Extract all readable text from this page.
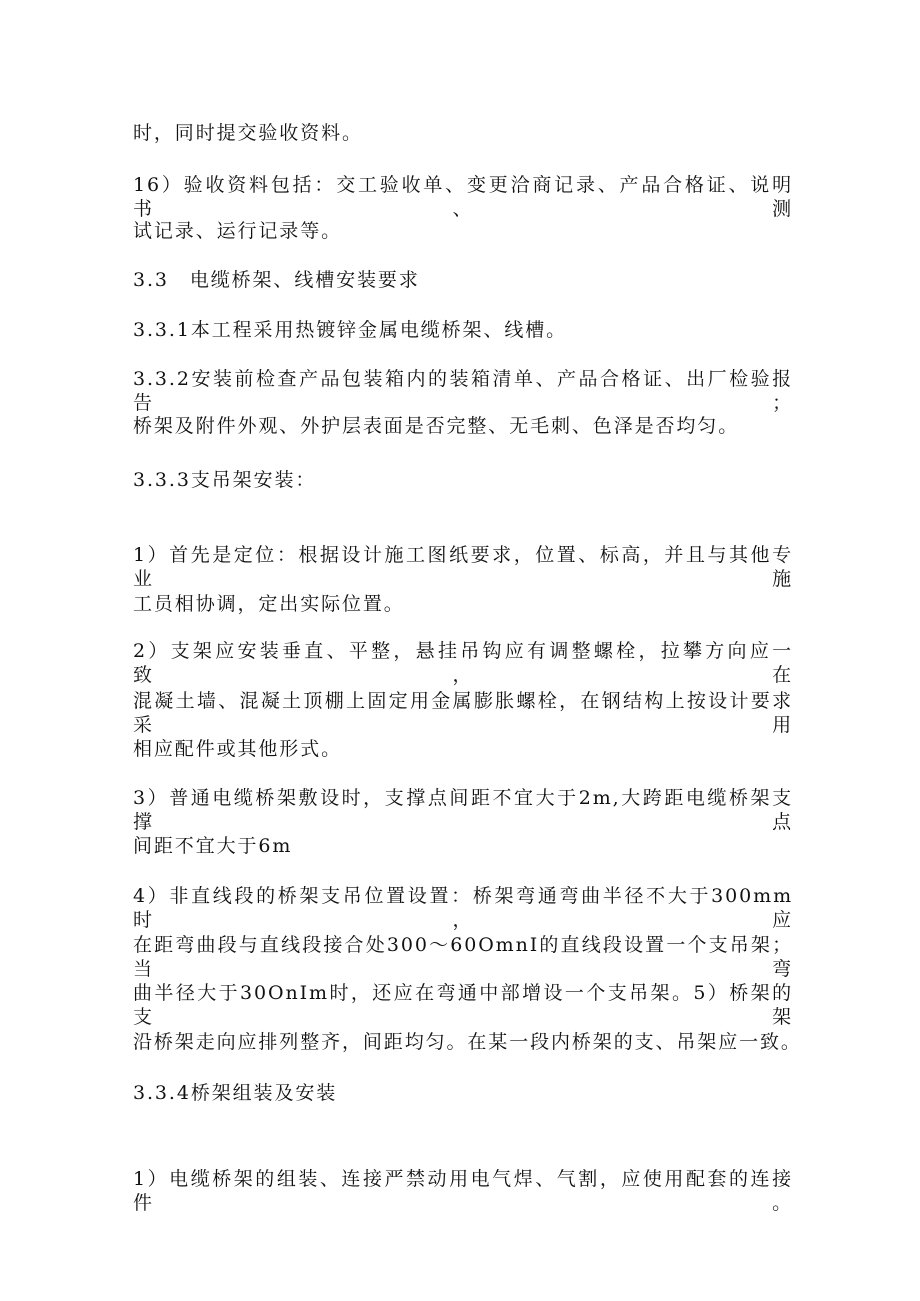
时，同时提交验收资料。
16）验收资料包括：交工验收单、变更洽商记录、产品合格证、说明书、测
试记录、运行记录等。
3.3　电缆桥架、线槽安装要求
3.3.1本工程采用热镀锌金属电缆桥架、线槽。
3.3.2安装前检查产品包装箱内的装箱清单、产品合格证、出厂检验报告；
桥架及附件外观、外护层表面是否完整、无毛刺、色泽是否均匀。
3.3.3支吊架安装：
1）首先是定位：根据设计施工图纸要求，位置、标高，并且与其他专业施
工员相协调，定出实际位置。
2）支架应安装垂直、平整，悬挂吊钩应有调整螺栓，拉攀方向应一致，在
混凝土墙、混凝土顶棚上固定用金属膨胀螺栓，在钢结构上按设计要求采用
相应配件或其他形式。
3）普通电缆桥架敷设时，支撑点间距不宜大于2m,大跨距电缆桥架支撑点
间距不宜大于6m
4）非直线段的桥架支吊位置设置：桥架弯通弯曲半径不大于300mm时，应
在距弯曲段与直线段接合处300～60OmnI的直线段设置一个支吊架；当弯
曲半径大于30OnIm时，还应在弯通中部增设一个支吊架。5）桥架的支架
沿桥架走向应排列整齐，间距均匀。在某一段内桥架的支、吊架应一致。
3.3.4桥架组装及安装
1）电缆桥架的组装、连接严禁动用电气焊、气割，应使用配套的连接件。
